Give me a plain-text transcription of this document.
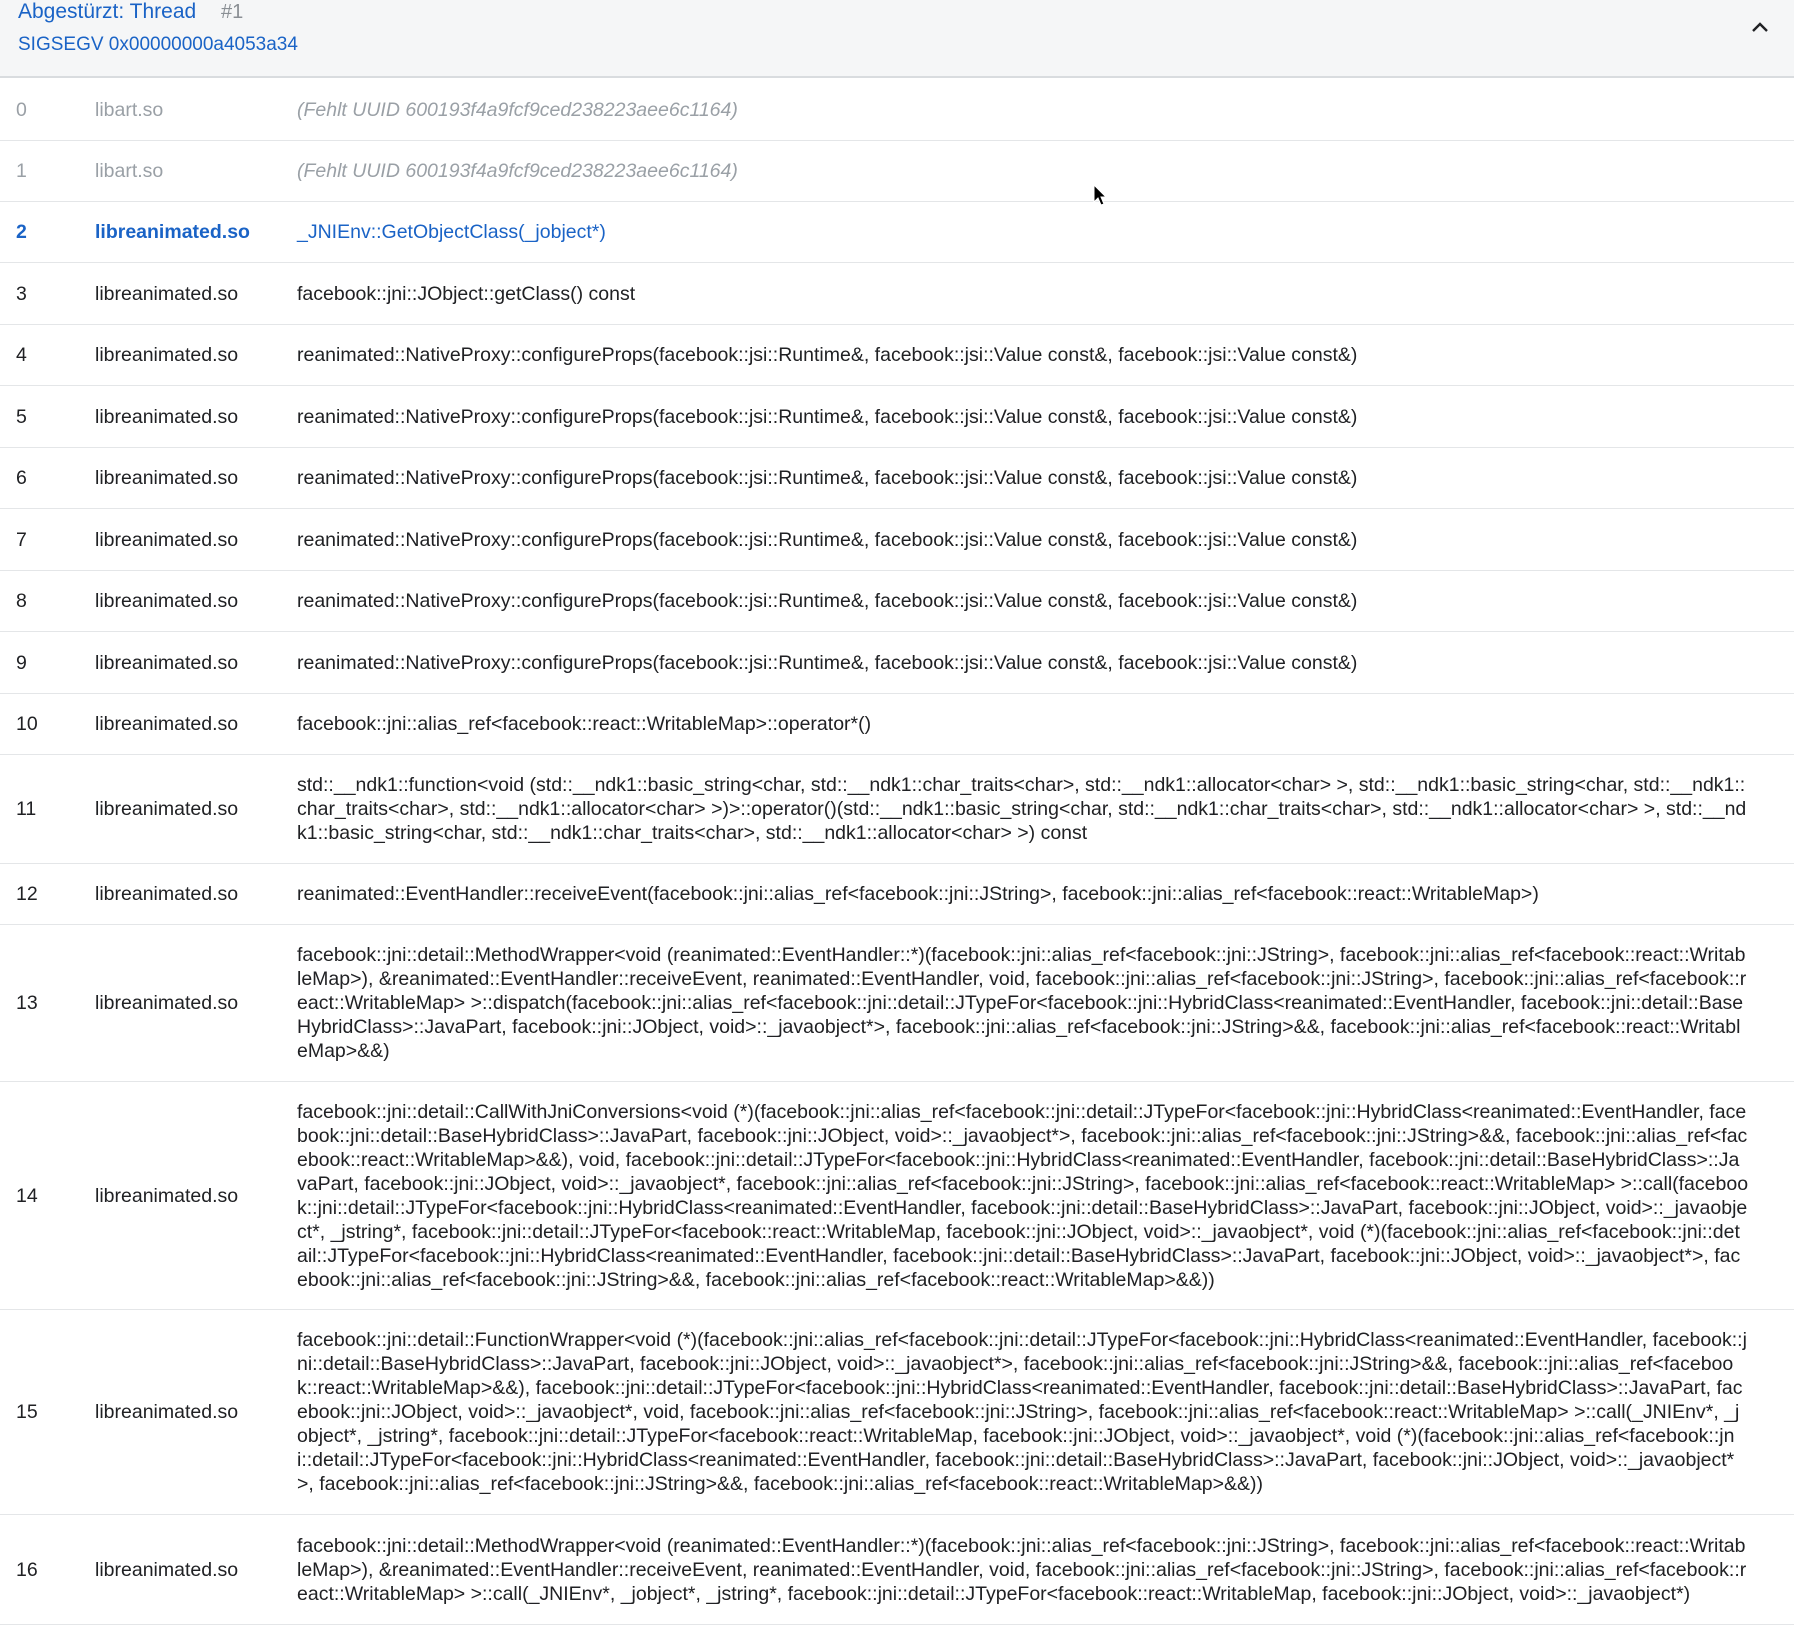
Abgestürzt: Thread #1
SIGSEGV 0x00000000a4053a34
0	libart.so	(Fehlt UUID 600193f4a9fcf9ced238223aee6c1164)
1	libart.so	(Fehlt UUID 600193f4a9fcf9ced238223aee6c1164)
2	libreanimated.so _JNIEnv::GetObjectClass(_jobject*)
3	libreanimated.so	facebook::jni::JObject::getClass() const
4	libreanimated.so	reanimated::NativeProxy::configureProps(facebook::jsi::Runtime&, facebook::jsi::Value const&, facebook::jsi::Value const&)
5	libreanimated.so	reanimated::NativeProxy::configureProps(facebook::jsi::Runtime&, facebook::jsi::Value const&, facebook::jsi::Value const&)
6	libreanimated.so	reanimated::NativeProxy::configureProps(facebook::jsi::Runtime&, facebook::jsi::Value const&, facebook::jsi::Value const&)
7	libreanimated.so	reanimated::NativeProxy::configureProps(facebook::jsi::Runtime&, facebook::jsi::Value const&, facebook::jsi::Value const&)
8	libreanimated.so	reanimated::NativeProxy::configureProps(facebook::jsi::Runtime&, facebook::jsi::Value const&, facebook::jsi::Value const&)
9	libreanimated.so	reanimated::NativeProxy::configureProps(facebook::jsi::Runtime&, facebook::jsi::Value const&, facebook::jsi::Value const&)
10	libreanimated.so	facebook::jni::alias_ref<facebook::react::WritableMap>::operator*()
11	libreanimated.so
std::__ndk1::function<void (std::__ndk1::basic_string<char, std::__ndk1::char_traits<char>, std::__ndk1::allocator<char> >, std::__ndk1::basic_string<char, std::__ndk1::char_traits<char>, std::__ndk1::allocator<char> >)>::operator()(std::__ndk1::basic_string<char, std::__ndk1::char_traits<char>, std::__ndk1::allocator<char> >, std::__ndk1::basic_string<char, std::__ndk1::char_traits<char>, std::__ndk1::allocator<char> >) const
12	libreanimated.so	reanimated::EventHandler::receiveEvent(facebook::jni::alias_ref<facebook::jni::JString>, facebook::jni::alias_ref<facebook::react::WritableMap>)
13	libreanimated.so
facebook::jni::detail::MethodWrapper<void (reanimated::EventHandler::*)(facebook::jni::alias_ref<facebook::jni::JString>, facebook::jni::alias_ref<facebook::react::WritableMap>), &reanimated::EventHandler::receiveEvent, reanimated::EventHandler, void, facebook::jni::alias_ref<facebook::jni::JString>, facebook::jni::alias_ref<facebook::react::WritableMap> >::dispatch(facebook::jni::alias_ref<facebook::jni::detail::JTypeFor<facebook::jni::HybridClass<reanimated::EventHandler, facebook::jni::detail::BaseHybridClass>::JavaPart, facebook::jni::JObject, void>::_javaobject*>, facebook::jni::alias_ref<facebook::jni::JString>&&, facebook::jni::alias_ref<facebook::react::WritableMap>&&)
14	libreanimated.so
facebook::jni::detail::CallWithJniConversions<void (*)(facebook::jni::alias_ref<facebook::jni::detail::JTypeFor<facebook::jni::HybridClass<reanimated::EventHandler, facebook::jni::detail::BaseHybridClass>::JavaPart, facebook::jni::JObject, void>::_javaobject*>, facebook::jni::alias_ref<facebook::jni::JString>&&, facebook::jni::alias_ref<facebook::react::WritableMap>&&), void, facebook::jni::detail::JTypeFor<facebook::jni::HybridClass<reanimated::EventHandler, facebook::jni::detail::BaseHybridClass>::JavaPart, facebook::jni::JObject, void>::_javaobject*, facebook::jni::alias_ref<facebook::jni::JString>, facebook::jni::alias_ref<facebook::react::WritableMap> >::call(facebook::jni::detail::JTypeFor<facebook::jni::HybridClass<reanimated::EventHandler, facebook::jni::detail::BaseHybridClass>::JavaPart, facebook::jni::JObject, void>::_javaobject*, _jstring*, facebook::jni::detail::JTypeFor<facebook::react::WritableMap, facebook::jni::JObject, void>::_javaobject*, void (*)(facebook::jni::alias_ref<facebook::jni::detail::JTypeFor<facebook::jni::HybridClass<reanimated::EventHandler, facebook::jni::detail::BaseHybridClass>::JavaPart, facebook::jni::JObject, void>::_javaobject*>, facebook::jni::alias_ref<facebook::jni::JString>&&, facebook::jni::alias_ref<facebook::react::WritableMap>&&))
15	libreanimated.so
facebook::jni::detail::FunctionWrapper<void (*)(facebook::jni::alias_ref<facebook::jni::detail::JTypeFor<facebook::jni::HybridClass<reanimated::EventHandler, facebook::jni::detail::BaseHybridClass>::JavaPart, facebook::jni::JObject, void>::_javaobject*>, facebook::jni::alias_ref<facebook::jni::JString>&&, facebook::jni::alias_ref<facebook::react::WritableMap>&&), facebook::jni::detail::JTypeFor<facebook::jni::HybridClass<reanimated::EventHandler, facebook::jni::detail::BaseHybridClass>::JavaPart, facebook::jni::JObject, void>::_javaobject*, void, facebook::jni::alias_ref<facebook::jni::JString>, facebook::jni::alias_ref<facebook::react::WritableMap> >::call(_JNIEnv*, _jobject*, _jstring*, facebook::jni::detail::JTypeFor<facebook::react::WritableMap, facebook::jni::JObject, void>::_javaobject*, void (*)(facebook::jni::alias_ref<facebook::jni::detail::JTypeFor<facebook::jni::HybridClass<reanimated::EventHandler, facebook::jni::detail::BaseHybridClass>::JavaPart, facebook::jni::JObject, void>::_javaobject*>, facebook::jni::alias_ref<facebook::jni::JString>&&, facebook::jni::alias_ref<facebook::react::WritableMap>&&))
16	libreanimated.so
facebook::jni::detail::MethodWrapper<void (reanimated::EventHandler::*)(facebook::jni::alias_ref<facebook::jni::JString>, facebook::jni::alias_ref<facebook::react::WritableMap>), &reanimated::EventHandler::receiveEvent, reanimated::EventHandler, void, facebook::jni::alias_ref<facebook::jni::JString>, facebook::jni::alias_ref<facebook::react::WritableMap> >::call(_JNIEnv*, _jobject*, _jstring*, facebook::jni::detail::JTypeFor<facebook::react::WritableMap, facebook::jni::JObject, void>::_javaobject*)
